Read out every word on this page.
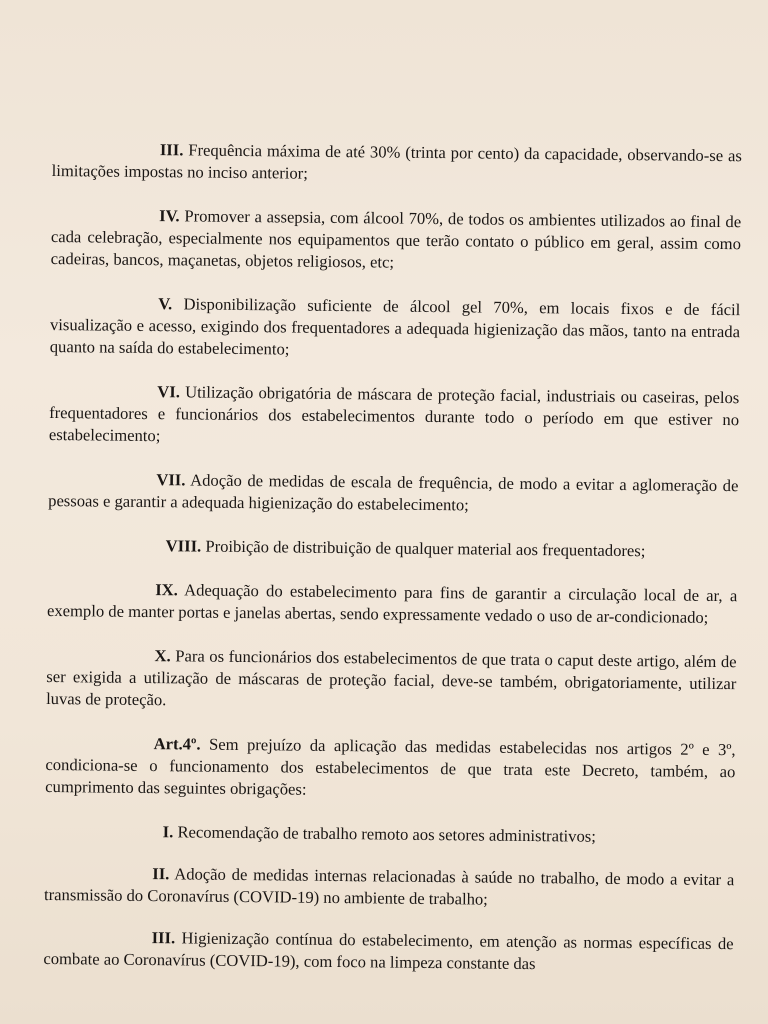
III. Frequência máxima de até 30% (trinta por cento) da capacidade, observando-se as limitações impostas no inciso anterior;

IV. Promover a assepsia, com álcool 70%, de todos os ambientes utilizados ao final de cada celebração, especialmente nos equipamentos que terão contato o público em geral, assim como cadeiras, bancos, maçanetas, objetos religiosos, etc;

V. Disponibilização suficiente de álcool gel 70%, em locais fixos e de fácil visualização e acesso, exigindo dos frequentadores a adequada higienização das mãos, tanto na entrada quanto na saída do estabelecimento;

VI. Utilização obrigatória de máscara de proteção facial, industriais ou caseiras, pelos frequentadores e funcionários dos estabelecimentos durante todo o período em que estiver no estabelecimento;

VII. Adoção de medidas de escala de frequência, de modo a evitar a aglomeração de pessoas e garantir a adequada higienização do estabelecimento;

VIII. Proibição de distribuição de qualquer material aos frequentadores;

IX. Adequação do estabelecimento para fins de garantir a circulação local de ar, a exemplo de manter portas e janelas abertas, sendo expressamente vedado o uso de ar-condicionado;

X. Para os funcionários dos estabelecimentos de que trata o caput deste artigo, além de ser exigida a utilização de máscaras de proteção facial, deve-se também, obrigatoriamente, utilizar luvas de proteção.

Art.4º. Sem prejuízo da aplicação das medidas estabelecidas nos artigos 2º e 3º, condiciona-se o funcionamento dos estabelecimentos de que trata este Decreto, também, ao cumprimento das seguintes obrigações:

I. Recomendação de trabalho remoto aos setores administrativos;

II. Adoção de medidas internas relacionadas à saúde no trabalho, de modo a evitar a transmissão do Coronavírus (COVID-19) no ambiente de trabalho;

III. Higienização contínua do estabelecimento, em atenção as normas específicas de combate ao Coronavírus (COVID-19), com foco na limpeza constante das
